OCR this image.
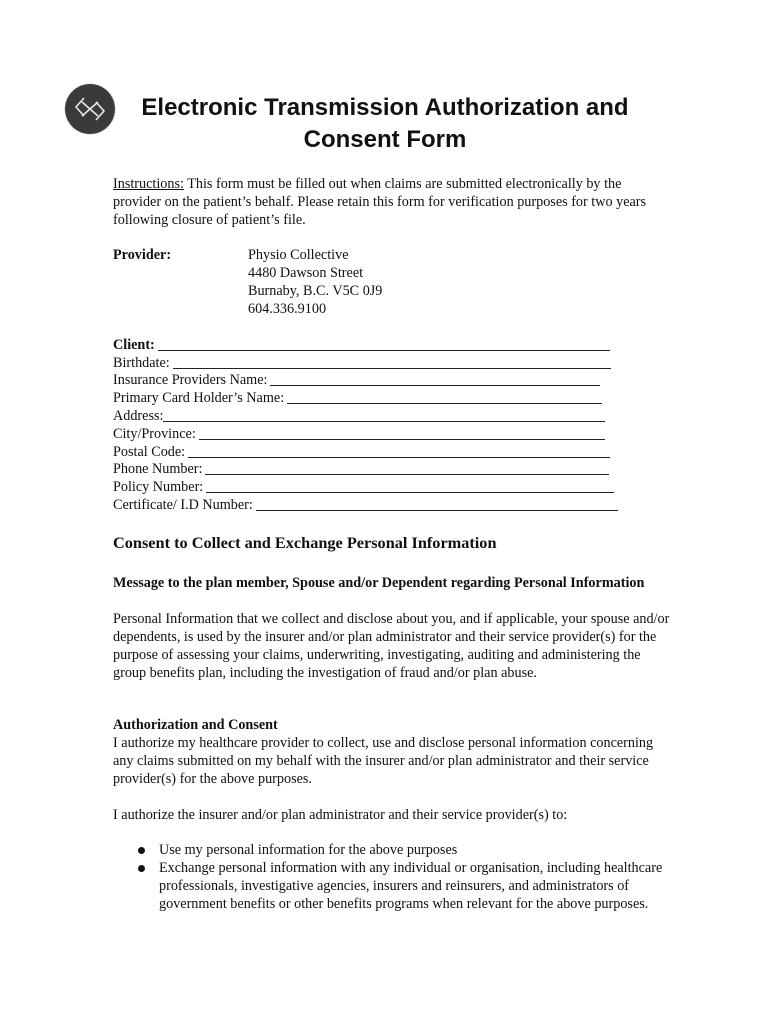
Electronic Transmission Authorization and
Consent Form

Instructions: This form must be filled out when claims are submitted electronically by the provider on the patient’s behalf. Please retain this form for verification purposes for two years following closure of patient’s file.

Provider:	Physio Collective
4480 Dawson Street
Burnaby, B.C. V5C 0J9
604.336.9100
Client:
Birthdate:
Insurance Providers Name:
Primary Card Holder’s Name:
Address:
City/Province:
Postal Code:
Phone Number:
Policy Number:
Certificate/ I.D Number:
Consent to Collect and Exchange Personal Information

Message to the plan member, Spouse and/or Dependent regarding Personal Information

Personal Information that we collect and disclose about you, and if applicable, your spouse and/or dependents, is used by the insurer and/or plan administrator and their service provider(s) for the purpose of assessing your claims, underwriting, investigating, auditing and administering the group benefits plan, including the investigation of fraud and/or plan abuse.

Authorization and Consent

I authorize my healthcare provider to collect, use and disclose personal information concerning any claims submitted on my behalf with the insurer and/or plan administrator and their service provider(s) for the above purposes.

I authorize the insurer and/or plan administrator and their service provider(s) to:

Use my personal information for the above purposes
Exchange personal information with any individual or organisation, including healthcare professionals, investigative agencies, insurers and reinsurers, and administrators of government benefits or other benefits programs when relevant for the above purposes.
